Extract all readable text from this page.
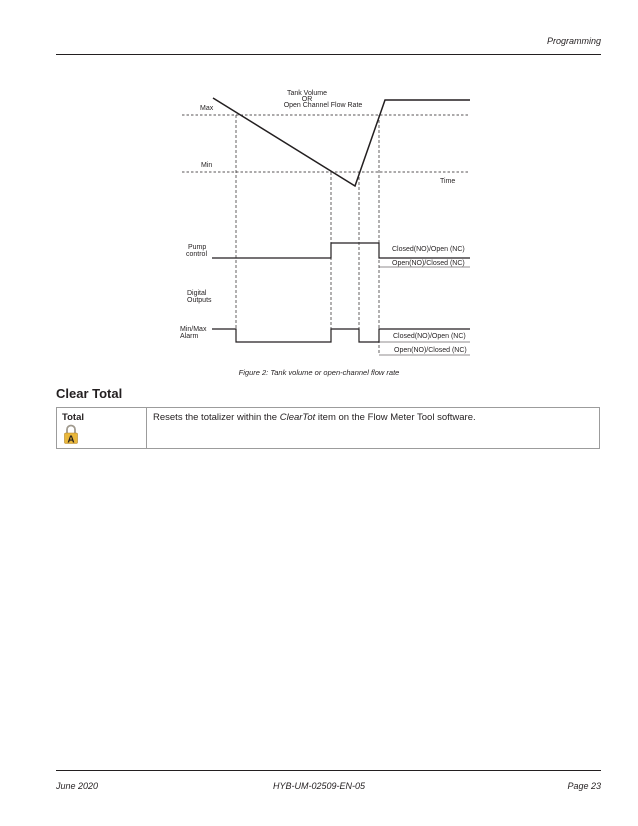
Programming
Tank Volume
OR
Open Channel Flow Rate
Max
Min
Time
Pump
control
Closed(NO)/Open (NC)
Open(NO)/Closed (NC)
Digital
Outputs
Min/Max
Alarm	Closed(NO)/Open (NC)
Open(NO)/Closed (NC)
Figure 2: Tank volume or open-channel flow rate
Clear Total
Total
A
Resets the totalizer within the ClearTot item on the Flow Meter Tool software.
June 2020	HYB-UM-02509-EN-05	Page 23
